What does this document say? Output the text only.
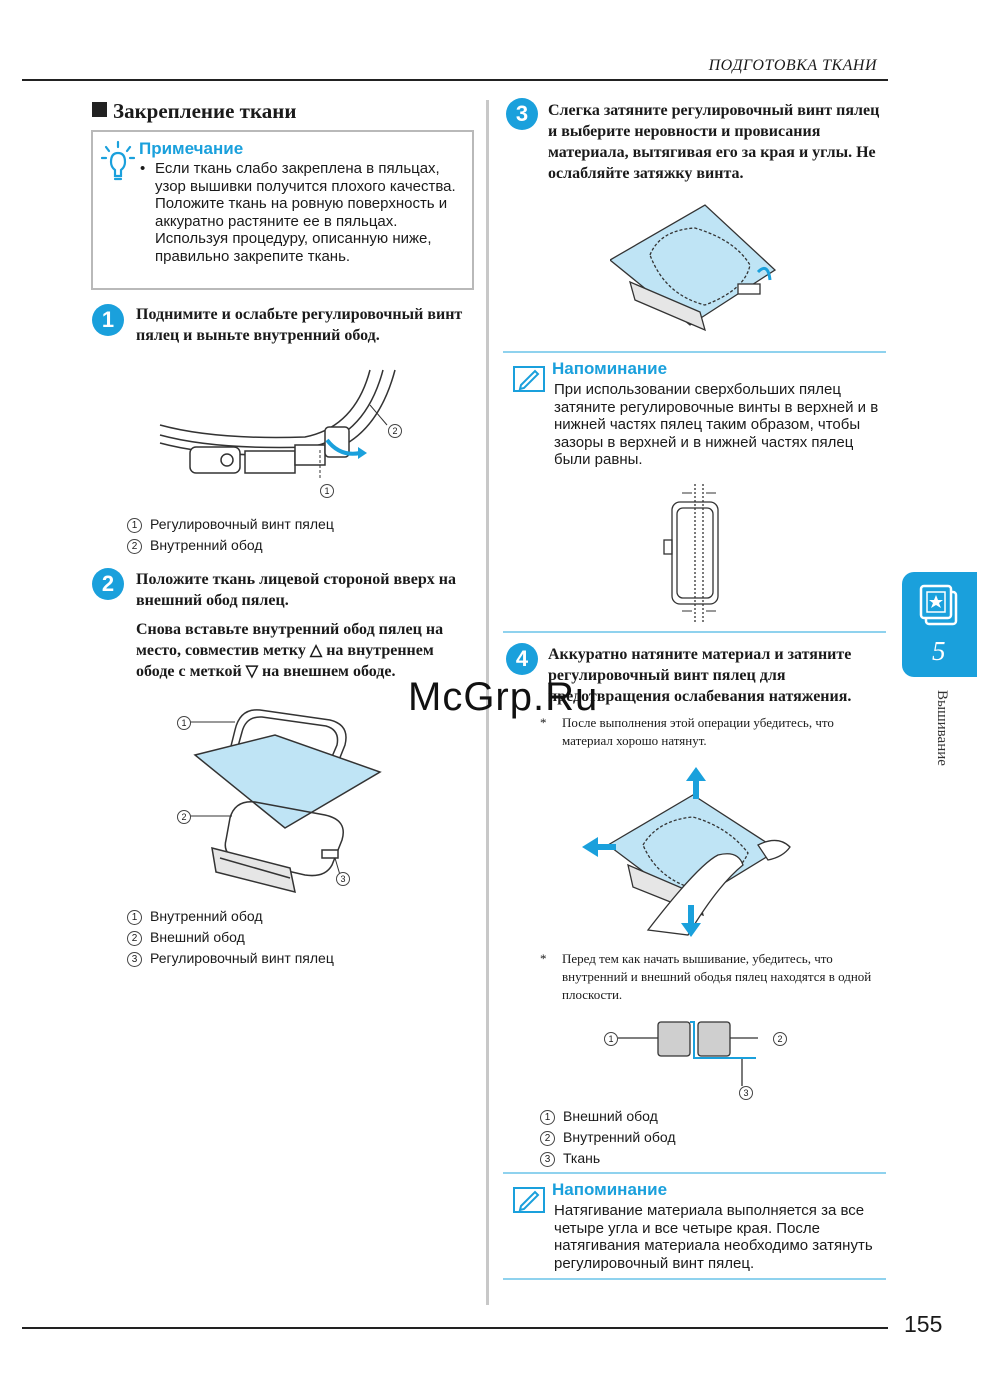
ПОДГОТОВКА ТКАНИ
Закрепление ткани
Примечание
• Если ткань слабо закреплена в пяльцах, узор вышивки получится плохого качества. Положите ткань на ровную поверхность и аккуратно растяните ее в пяльцах. Используя процедуру, описанную ниже, правильно закрепите ткань.
1	Поднимите и ослабьте регулировочный винт пялец и выньте внутренний обод.
1
2
1 Регулировочный винт пялец
2 Внутренний обод
2	Положите ткань лицевой стороной вверх на внешний обод пялец.
Снова вставьте внутренний обод пялец на место, совместив метку △ на внутреннем ободе с меткой ▽ на внешнем ободе.
1
2
3
1 Внутренний обод
2 Внешний обод
3 Регулировочный винт пялец
3	Слегка затяните регулировочный винт пялец и выберите неровности и провисания материала, вытягивая его за края и углы. Не ослабляйте затяжку винта.
Напоминание
При использовании сверхбольших пялец затяните регулировочные винты в верхней и в нижней частях пялец таким образом, чтобы зазоры в верхней и в нижней частях пялец были равны.
4	Аккуратно натяните материал и затяните регулировочный винт пялец для предотвращения ослабевания натяжения.
* После выполнения этой операции убедитесь, что материал хорошо натянут.
* Перед тем как начать вышивание, убедитесь, что внутренний и внешний ободья пялец находятся в одной плоскости.
1	2
3
1 Внешний обод
2 Внутренний обод
3 Ткань
Напоминание
Натягивание материала выполняется за все четыре угла и все четыре края. После натягивания материала необходимо затянуть регулировочный винт пялец.
5
Вышивание
McGrp.Ru
155
